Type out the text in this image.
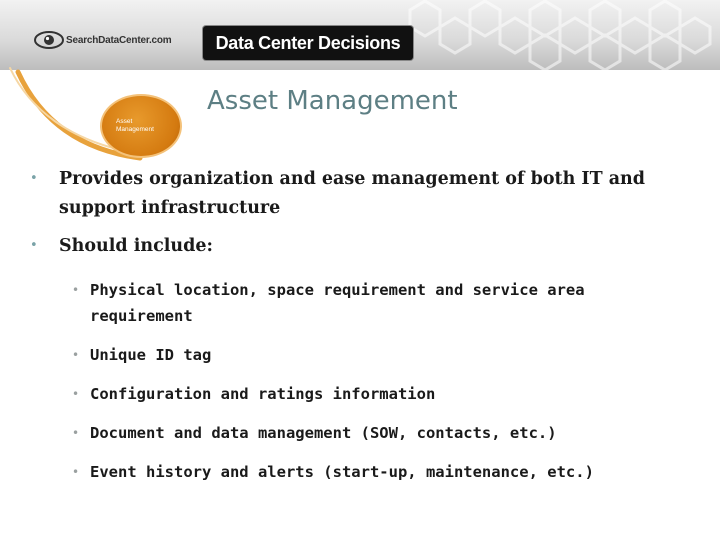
SearchDataCenter.com Data Center Decisions
Asset
Management
Asset Management
•	Provides organization and ease management of both IT and support infrastructure
•	Should include:
• Physical location, space requirement and service area requirement
• Unique ID tag
• Configuration and ratings information
• Document and data management (SOW, contacts, etc.)
• Event history and alerts (start-up, maintenance, etc.)
